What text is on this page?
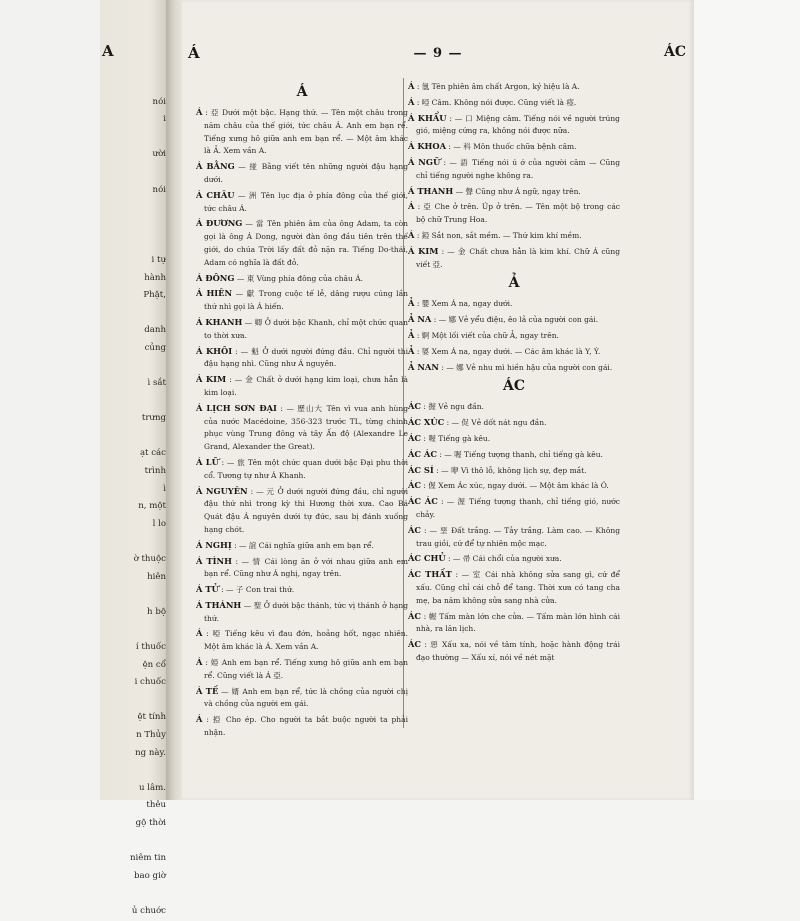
A
nói
i
ười
nói
i tự
hành
Phật,
danh
củng
ì sắt
trưng
ạt các
trình
ì
n, một
l lo
ờ thuộc
hiên
h bộ
í thuốc
ện cổ
i chuốc
ệt tính
n Thủy
ng này.
u lâm.
thêu
gộ thời
niêm tin
bao giờ
ủ chuớc
Á	— 9 —	ÁC
Á
Á : 亞 Dưới một bậc. Hạng thứ. — Tên một châu trong năm châu của thế giới, tức châu Á. Anh em bạn rể. Tiếng xưng hô giữa anh em bạn rể. — Một âm khác là Ả. Xem vần A.
Á BẰNG — 掽 Bằng viết tên những người đậu hạng dưới.
Á CHÂU — 洲 Tên lục địa ở phía đông của thế giới, tức châu Á.
Á ĐƯƠNG — 當 Tên phiên âm của ông Adam, ta còn gọi là ông Á Dong, người đàn ông đầu tiên trên thế giới, do chúa Trời lấy đất đỏ nặn ra. Tiếng Do-thái, Adam có nghĩa là đất đỏ.
Á ĐÔNG — 東 Vùng phía đông của châu Á.
Á HIÊN — 獻 Trong cuộc tế lễ, dâng rượu cúng lần thứ nhì gọi là Á hiến.
Á KHANH — 卿 Ở dưới bậc Khanh, chỉ một chức quan to thời xưa.
Á KHÔI : — 魁 Ở dưới người đứng đầu. Chỉ người thi đậu hạng nhì. Cũng như Á nguyên.
Á KIM : — 金 Chất ở dưới hạng kim loại, chưa hẳn là kim loại.
Á LỊCH SƠN ĐẠI : — 歷山大 Tên vì vua anh hùng của nước Macédoine, 356-323 trước TL, từng chinh phục vùng Trung đông và tây Ấn độ (Alexandre Le Grand, Alexander the Great).
Á LỮ : — 旅 Tên một chức quan dưới bậc Đại phu thời cổ. Tương tự như Á Khanh.
Á NGUYÊN : — 元 Ở dưới người đứng đầu, chỉ người đậu thứ nhì trong kỳ thi Hương thời xưa. Cao Bá Quát đậu Á nguyên dưới tự đức, sau bị đánh xuống hạng chót.
Á NGHỊ : — 誼 Cái nghĩa giữa anh em bạn rể.
Á TÌNH : — 情 Cái lòng ăn ở với nhau giữa anh em bạn rể. Cũng như Á nghị, ngay trên.
Á TỬ : — 子 Con trai thứ.
Á THÁNH — 聖 Ở dưới bậc thánh, tức vị thánh ở hạng thứ.
Á : 啞 Tiếng kêu vì đau đớn, hoảng hốt, ngạc nhiên. Một âm khác là Á. Xem vần A.
Á : 婭 Anh em bạn rể. Tiếng xưng hô giữa anh em bạn rể. Cũng viết là Á 亞.
Á TẾ — 婿 Anh em bạn rể, tức là chồng của người chị và chồng của người em gái.
Á : 掗 Cho ép. Cho người ta bắt buộc người ta phải nhận.
Á : 氬 Tên phiên âm chất Argon, ký hiệu là A.
Á : 啞 Câm. Không nói được. Cũng viết là 瘂.
Á KHẨU : — 口 Miệng câm. Tiếng nói về người trúng gió, miệng cứng ra, không nói được nữa.
Á KHOA : — 科 Môn thuốc chữa bệnh câm.
Á NGỮ : — 語 Tiếng nói ú ớ của người câm — Cũng chỉ tiếng người nghe không ra.
Á THANH — 聲 Cũng như Á ngữ, ngay trên.
Á : 亞 Che ở trên. Úp ở trên. — Tên một bộ trong các bộ chữ Trung Hoa.
Á : 錏 Sắt non, sắt mềm. — Thứ kim khí mềm.
Á KIM : — 金 Chất chưa hẳn là kim khí. Chữ Á cũng viết 亞.
Ả
Ả : 嬰 Xem Á na, ngay dưới.
Ả NA : — 娜 Vẻ yểu điệu, êo lả của người con gái.
Ả : 婀 Một lối viết của chữ Ả, ngay trên.
Ả : 娿 Xem Á na, ngay dưới. — Các âm khác là Y, Ý.
Ả NAN : — 娜 Vẻ nhu mì hiền hậu của người con gái.
ÁC
ÁC : 握 Vẻ ngu đần.
ÁC XÚC : — 促 Vẻ dốt nát ngu đần.
ÁC : 喔 Tiếng gà kêu.
ÁC ÁC : — 喔 Tiếng tượng thanh, chỉ tiếng gà kêu.
ÁC SÍ : — 咿 Vì thô lỗ, không lịch sự, đẹp mắt.
ÁC : 偓 Xem Ác xúc, ngay dưới. — Một âm khác là Ó.
ÁC ÁC : — 渥 Tiếng tượng thanh, chỉ tiếng gió, nước chảy.
ÁC : — 堊 Đất trắng. — Tảy trắng. Làm cao. — Không trau giồi, cứ để tự nhiên mộc mạc.
ÁC CHỦ : — 帚 Cái chổi của người xưa.
ÁC THẤT : — 室 Cái nhà không sửa sang gì, cứ để xấu. Cũng chỉ cái chỗ để tang. Thời xưa có tang cha mẹ, ba năm không sửa sang nhà cửa.
ÁC : 幄 Tấm màn lớn che cửa. — Tấm màn lớn hình cái nhà, ra lăn lịch.
ÁC : 惡 Xấu xa, nói về tâm tính, hoặc hành động trái đạo thường — Xấu xí, nói về nét mặt
